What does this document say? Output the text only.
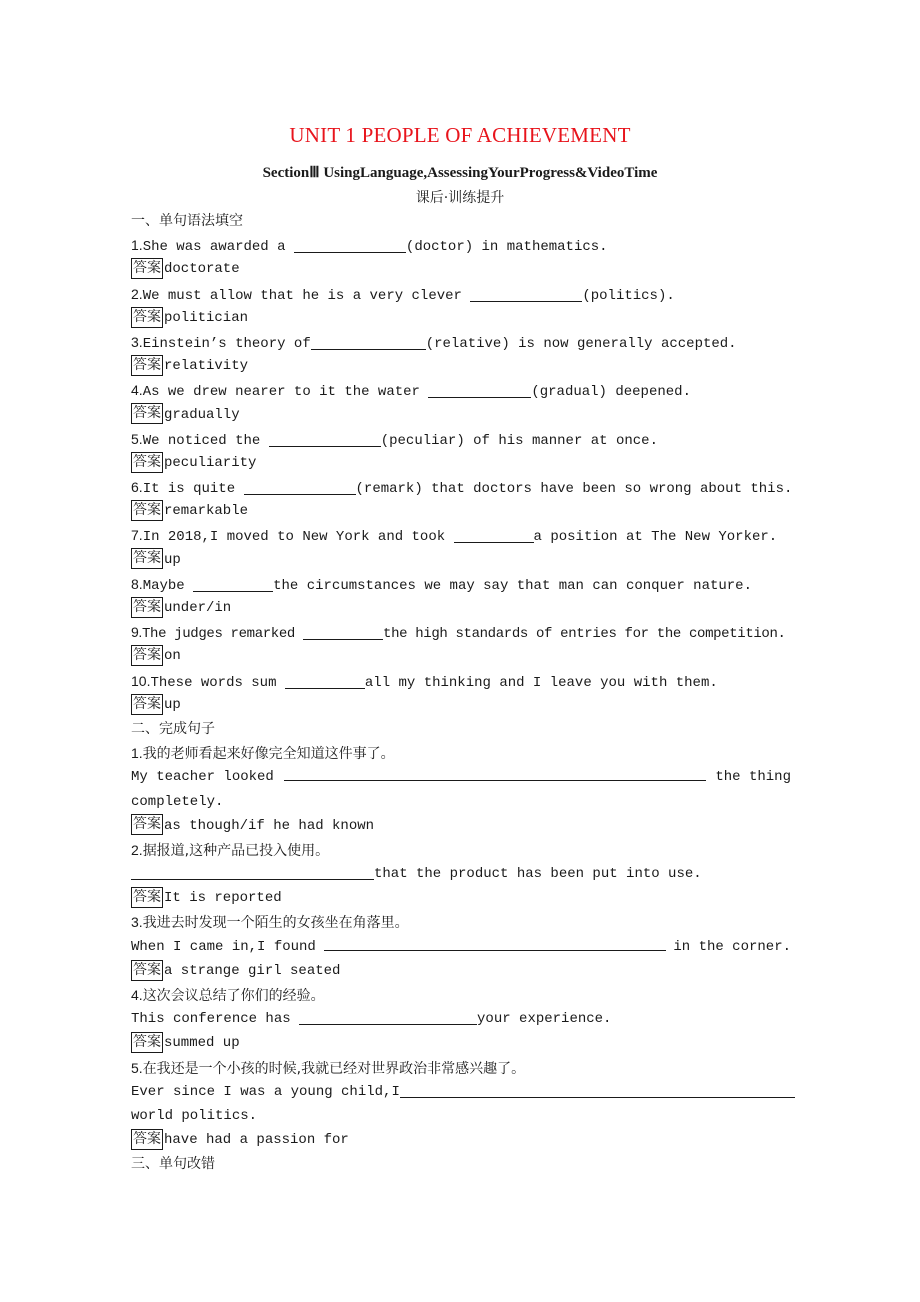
UNIT 1 PEOPLE OF ACHIEVEMENT
SectionⅢ UsingLanguage,AssessingYourProgress&VideoTime
课后·训练提升
一、单句语法填空
1.She was awarded a	(doctor) in mathematics.
答案 doctorate
2.We must allow that he is a very clever	(politics).
答案 politician
3.Einstein’s theory of	(relative) is now generally accepted.
答案 relativity
4.As we drew nearer to it the water	(gradual) deepened.
答案 gradually
5.We noticed the	(peculiar) of his manner at once.
答案 peculiarity
6.It is quite	(remark) that doctors have been so wrong about this.
答案 remarkable
7.In 2018,I moved to New York and took	a position at The New Yorker.
答案 up
8.Maybe	the circumstances we may say that man can conquer nature.
答案 under/in
9.The judges remarked	the high standards of entries for the competition.
答案 on
10.These words sum	all my thinking and I leave you with them.
答案 up
二、完成句子
1.我的老师看起来好像完全知道这件事了。
My teacher looked	the thing
completely.
答案 as though/if he had known
2.据报道,这种产品已投入使用。
that the product has been put into use.
答案 It is reported
3.我进去时发现一个陌生的女孩坐在角落里。
When I came in,I found	in the corner.
答案 a strange girl seated
4.这次会议总结了你们的经验。
This conference has	your experience.
答案 summed up
5.在我还是一个小孩的时候,我就已经对世界政治非常感兴趣了。
Ever since I was a young child,I
world politics.
答案 have had a passion for
三、单句改错
